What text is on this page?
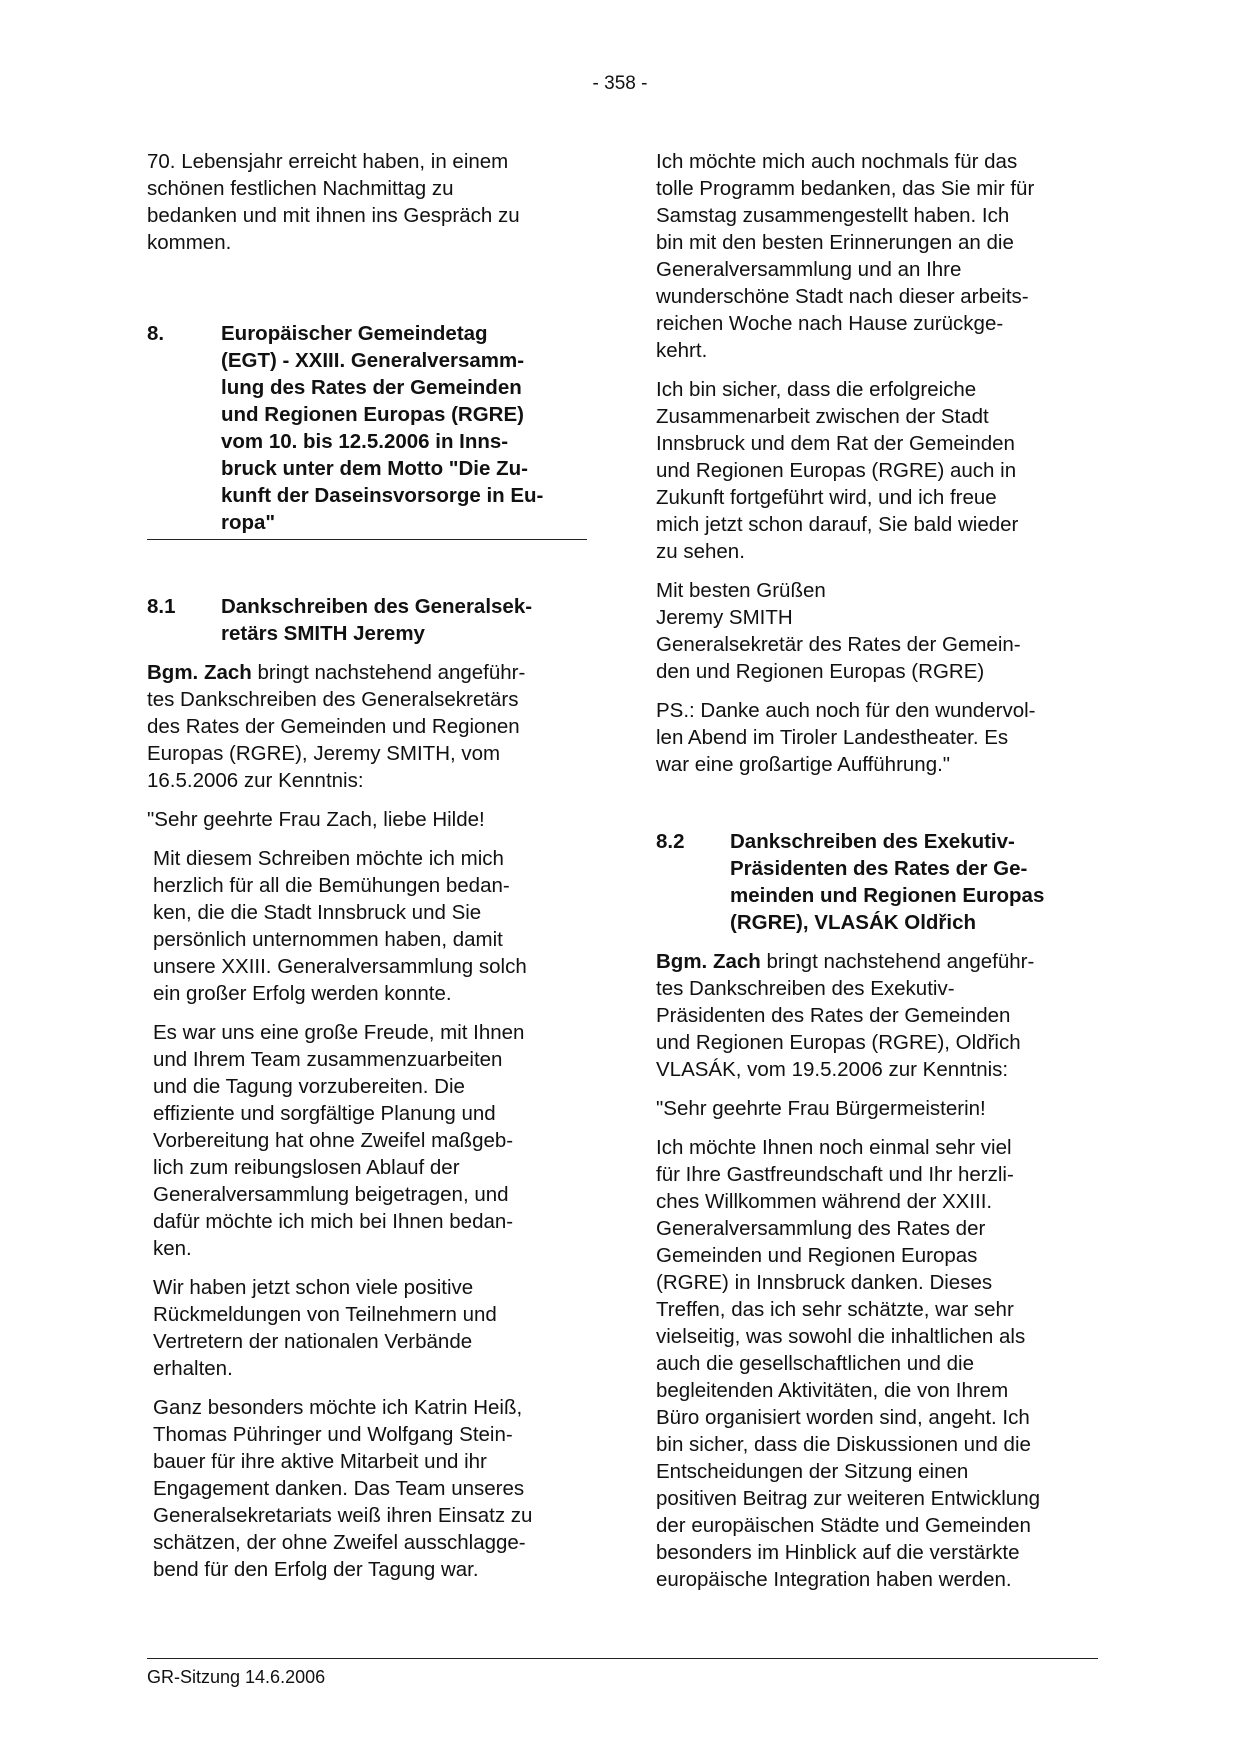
- 358 -
70. Lebensjahr erreicht haben, in einem
schönen festlichen Nachmittag zu
bedanken und mit ihnen ins Gespräch zu
kommen.
8.	Europäischer Gemeindetag
(EGT) - XXIII. Generalversamm-
lung des Rates der Gemeinden
und Regionen Europas (RGRE)
vom 10. bis 12.5.2006 in Inns-
bruck unter dem Motto "Die Zu-
kunft der Daseinsvorsorge in Eu-
ropa"
8.1	Dankschreiben des Generalsek-
retärs SMITH Jeremy
Bgm. Zach bringt nachstehend angeführ-
tes Dankschreiben des Generalsekretärs
des Rates der Gemeinden und Regionen
Europas (RGRE), Jeremy SMITH, vom
16.5.2006 zur Kenntnis:
"Sehr geehrte Frau Zach, liebe Hilde!
Mit diesem Schreiben möchte ich mich
herzlich für all die Bemühungen bedan-
ken, die die Stadt Innsbruck und Sie
persönlich unternommen haben, damit
unsere XXIII. Generalversammlung solch
ein großer Erfolg werden konnte.
Es war uns eine große Freude, mit Ihnen
und Ihrem Team zusammenzuarbeiten
und die Tagung vorzubereiten. Die
effiziente und sorgfältige Planung und
Vorbereitung hat ohne Zweifel maßgeb-
lich zum reibungslosen Ablauf der
Generalversammlung beigetragen, und
dafür möchte ich mich bei Ihnen bedan-
ken.
Wir haben jetzt schon viele positive
Rückmeldungen von Teilnehmern und
Vertretern der nationalen Verbände
erhalten.
Ganz besonders möchte ich Katrin Heiß,
Thomas Pühringer und Wolfgang Stein-
bauer für ihre aktive Mitarbeit und ihr
Engagement danken. Das Team unseres
Generalsekretariats weiß ihren Einsatz zu
schätzen, der ohne Zweifel ausschlagge-
bend für den Erfolg der Tagung war.
Ich möchte mich auch nochmals für das
tolle Programm bedanken, das Sie mir für
Samstag zusammengestellt haben. Ich
bin mit den besten Erinnerungen an die
Generalversammlung und an Ihre
wunderschöne Stadt nach dieser arbeits-
reichen Woche nach Hause zurückge-
kehrt.
Ich bin sicher, dass die erfolgreiche
Zusammenarbeit zwischen der Stadt
Innsbruck und dem Rat der Gemeinden
und Regionen Europas (RGRE) auch in
Zukunft fortgeführt wird, und ich freue
mich jetzt schon darauf, Sie bald wieder
zu sehen.
Mit besten Grüßen
Jeremy SMITH
Generalsekretär des Rates der Gemein-
den und Regionen Europas (RGRE)
PS.: Danke auch noch für den wundervol-
len Abend im Tiroler Landestheater. Es
war eine großartige Aufführung."
8.2	Dankschreiben des Exekutiv-
Präsidenten des Rates der Ge-
meinden und Regionen Europas
(RGRE), VLASÁK Oldřich
Bgm. Zach bringt nachstehend angeführ-
tes Dankschreiben des Exekutiv-
Präsidenten des Rates der Gemeinden
und Regionen Europas (RGRE), Oldřich
VLASÁK, vom 19.5.2006 zur Kenntnis:
"Sehr geehrte Frau Bürgermeisterin!
Ich möchte Ihnen noch einmal sehr viel
für Ihre Gastfreundschaft und Ihr herzli-
ches Willkommen während der XXIII.
Generalversammlung des Rates der
Gemeinden und Regionen Europas
(RGRE) in Innsbruck danken. Dieses
Treffen, das ich sehr schätzte, war sehr
vielseitig, was sowohl die inhaltlichen als
auch die gesellschaftlichen und die
begleitenden Aktivitäten, die von Ihrem
Büro organisiert worden sind, angeht. Ich
bin sicher, dass die Diskussionen und die
Entscheidungen der Sitzung einen
positiven Beitrag zur weiteren Entwicklung
der europäischen Städte und Gemeinden
besonders im Hinblick auf die verstärkte
europäische Integration haben werden.
GR-Sitzung 14.6.2006
